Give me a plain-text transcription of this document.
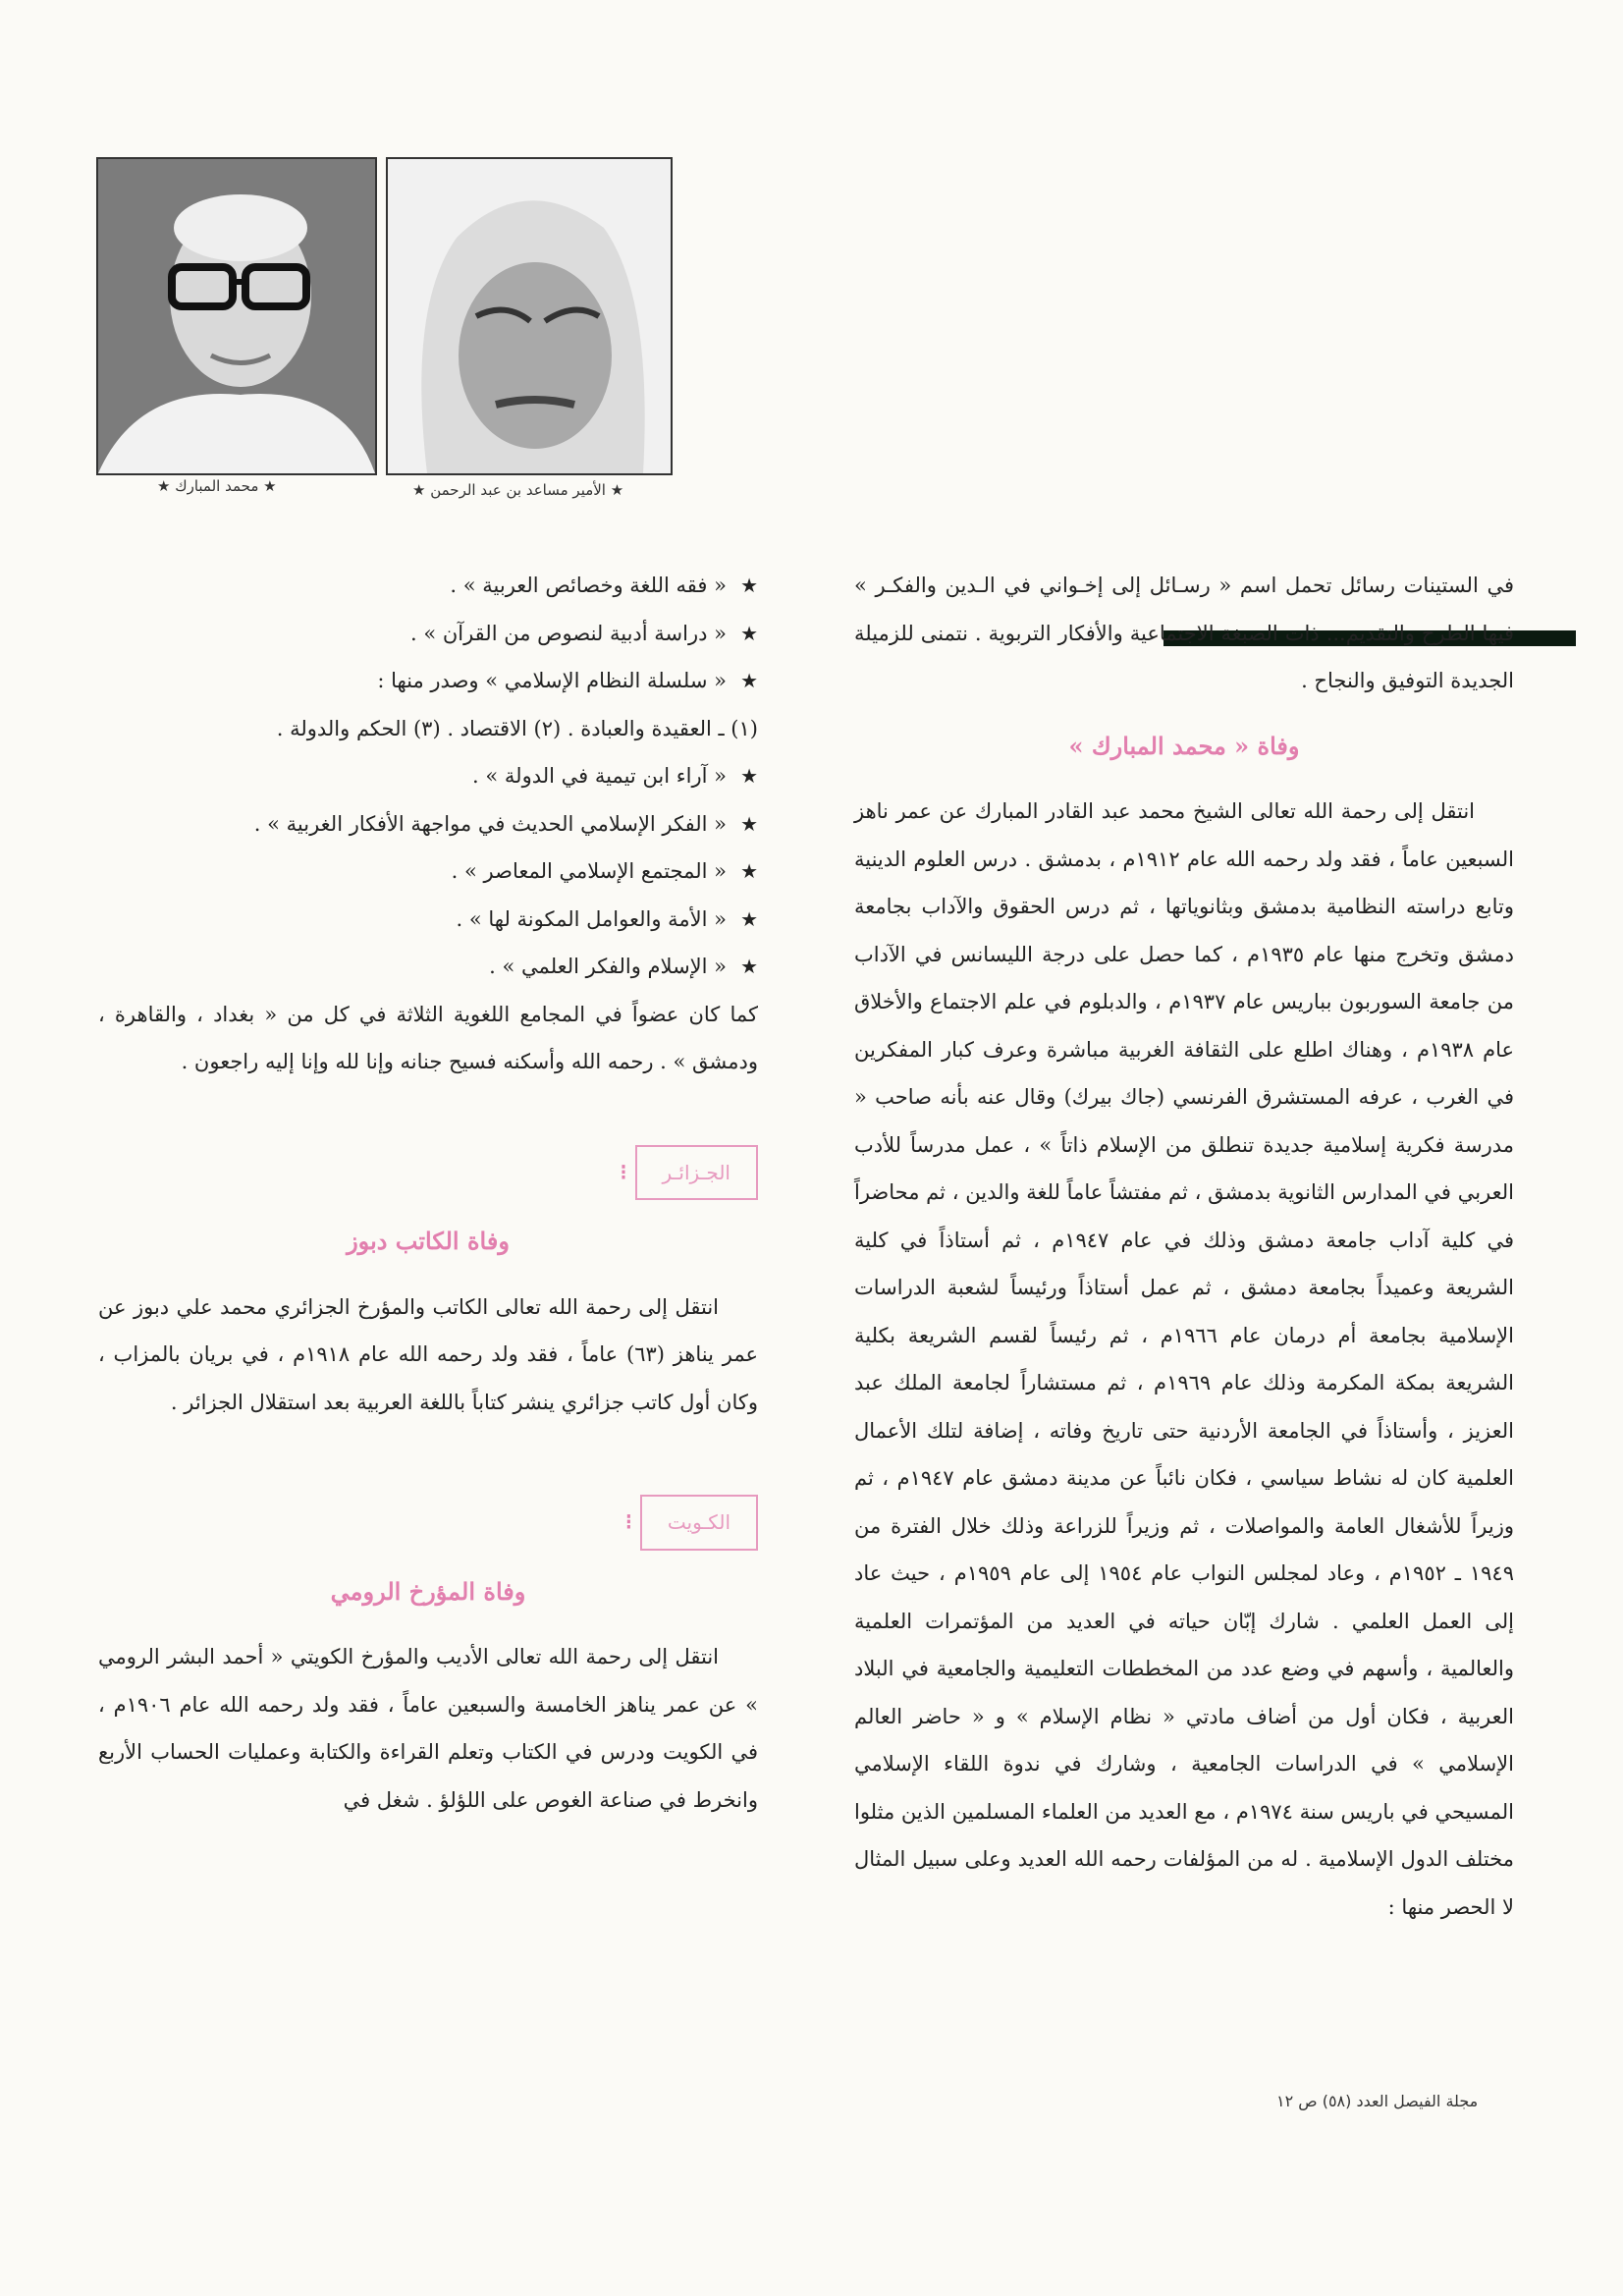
★ محمد المبارك ★	★ الأمير مساعد بن عبد الرحمن ★

في الستينات رسائل تحمل اسم « رسـائل إلى إخـواني في الـدين والفكـر » فيها الطرح والتقديم... ذات الصبغة الاجتماعية والأفكار التربوية . نتمنى للزميلة الجديدة التوفيق والنجاح .

وفاة « محمد المبارك »

انتقل إلى رحمة الله تعالى الشيخ محمد عبد القادر المبارك عن عمر ناهز السبعين عاماً ، فقد ولد رحمه الله عام ١٩١٢م ، بدمشق . درس العلوم الدينية وتابع دراسته النظامية بدمشق وبثانوياتها ، ثم درس الحقوق والآداب بجامعة دمشق وتخرج منها عام ١٩٣٥م ، كما حصل على درجة الليسانس في الآداب من جامعة السوربون بباريس عام ١٩٣٧م ، والدبلوم في علم الاجتماع والأخلاق عام ١٩٣٨م ، وهناك اطلع على الثقافة الغربية مباشرة وعرف كبار المفكرين في الغرب ، عرفه المستشرق الفرنسي (جاك بيرك) وقال عنه بأنه صاحب « مدرسة فكرية إسلامية جديدة تنطلق من الإسلام ذاتاً » ، عمل مدرساً للأدب العربي في المدارس الثانوية بدمشق ، ثم مفتشاً عاماً للغة والدين ، ثم محاضراً في كلية آداب جامعة دمشق وذلك في عام ١٩٤٧م ، ثم أستاذاً في كلية الشريعة وعميداً بجامعة دمشق ، ثم عمل أستاذاً ورئيساً لشعبة الدراسات الإسلامية بجامعة أم درمان عام ١٩٦٦م ، ثم رئيساً لقسم الشريعة بكلية الشريعة بمكة المكرمة وذلك عام ١٩٦٩م ، ثم مستشاراً لجامعة الملك عبد العزيز ، وأستاذاً في الجامعة الأردنية حتى تاريخ وفاته ، إضافة لتلك الأعمال العلمية كان له نشاط سياسي ، فكان نائباً عن مدينة دمشق عام ١٩٤٧م ، ثم وزيراً للأشغال العامة والمواصلات ، ثم وزيراً للزراعة وذلك خلال الفترة من ١٩٤٩ ـ ١٩٥٢م ، وعاد لمجلس النواب عام ١٩٥٤ إلى عام ١٩٥٩م ، حيث عاد إلى العمل العلمي . شارك إبّان حياته في العديد من المؤتمرات العلمية والعالمية ، وأسهم في وضع عدد من المخططات التعليمية والجامعية في البلاد العربية ، فكان أول من أضاف مادتي « نظام الإسلام » و « حاضر العالم الإسلامي » في الدراسات الجامعية ، وشارك في ندوة اللقاء الإسلامي المسيحي في باريس سنة ١٩٧٤م ، مع العديد من العلماء المسلمين الذين مثلوا مختلف الدول الإسلامية . له من المؤلفات رحمه الله العديد وعلى سبيل المثال لا الحصر منها :

★ « فقه اللغة وخصائص العربية » .
★ « دراسة أدبية لنصوص من القرآن » .
★ « سلسلة النظام الإسلامي » وصدر منها :

(١) ـ العقيدة والعبادة . (٢) الاقتصاد . (٣) الحكم والدولة .

★ « آراء ابن تيمية في الدولة » .
★ « الفكر الإسلامي الحديث في مواجهة الأفكار الغربية » .
★ « المجتمع الإسلامي المعاصر » .
★ « الأمة والعوامل المكونة لها » .
★ « الإسلام والفكر العلمي » .

كما كان عضواً في المجامع اللغوية الثلاثة في كل من « بغداد ، والقاهرة ، ودمشق » . رحمه الله وأسكنه فسيح جنانه وإنا لله وإنا إليه راجعون .

الجـزائـر
⁝
وفاة الكاتب دبوز

انتقل إلى رحمة الله تعالى الكاتب والمؤرخ الجزائري محمد علي دبوز عن عمر يناهز (٦٣) عاماً ، فقد ولد رحمه الله عام ١٩١٨م ، في بريان بالمزاب ، وكان أول كاتب جزائري ينشر كتاباً باللغة العربية بعد استقلال الجزائر .

الكـويت
⁝
وفاة المؤرخ الرومي

انتقل إلى رحمة الله تعالى الأديب والمؤرخ الكويتي « أحمد البشر الرومي » عن عمر يناهز الخامسة والسبعين عاماً ، فقد ولد رحمه الله عام ١٩٠٦م ، في الكويت ودرس في الكتاب وتعلم القراءة والكتابة وعمليات الحساب الأربع وانخرط في صناعة الغوص على اللؤلؤ . شغل في

مجلة الفيصل العدد (٥٨) ص ١٢
